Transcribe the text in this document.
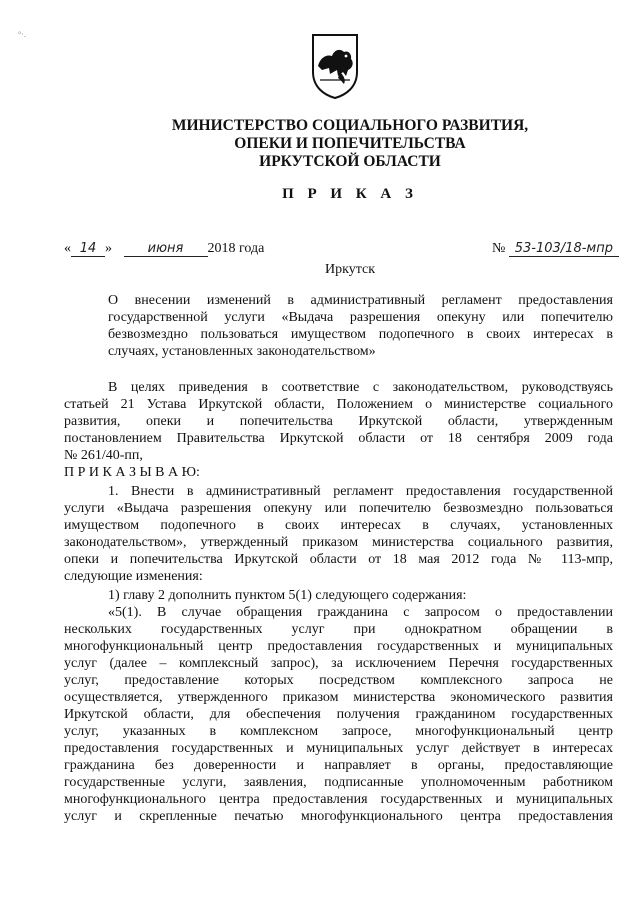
°·.
МИНИСТЕРСТВО СОЦИАЛЬНОГО РАЗВИТИЯ,
ОПЕКИ И ПОПЕЧИТЕЛЬСТВА
ИРКУТСКОЙ ОБЛАСТИ
П Р И К А З
« 14 »	июня 2018 года	№ 53-103/18-мпр
Иркутск
О внесении изменений в административный регламент предоставления
государственной услуги «Выдача разрешения опекуну или попечителю
безвозмездно пользоваться имуществом подопечного в своих интересах в
случаях, установленных законодательством»
В целях приведения в соответствие с законодательством, руководствуясь
статьей 21 Устава Иркутской области, Положением о министерстве социального
развития, опеки и попечительства Иркутской области, утвержденным
постановлением Правительства Иркутской области от 18 сентября 2009 года
№ 261/40-пп,
П Р И К А З Ы В А Ю:
1. Внести в административный регламент предоставления государственной
услуги «Выдача разрешения опекуну или попечителю безвозмездно пользоваться
имуществом подопечного в своих интересах в случаях, установленных
законодательством», утвержденный приказом министерства социального развития,
опеки и попечительства Иркутской области от 18 мая 2012 года № 113-мпр,
следующие изменения:
1) главу 2 дополнить пунктом 5(1) следующего содержания:
«5(1). В случае обращения гражданина с запросом о предоставлении
нескольких государственных услуг при однократном обращении в
многофункциональный центр предоставления государственных и муниципальных
услуг (далее – комплексный запрос), за исключением Перечня государственных
услуг, предоставление которых посредством комплексного запроса не
осуществляется, утвержденного приказом министерства экономического развития
Иркутской области, для обеспечения получения гражданином государственных
услуг, указанных в комплексном запросе, многофункциональный центр
предоставления государственных и муниципальных услуг действует в интересах
гражданина без доверенности и направляет в органы, предоставляющие
государственные услуги, заявления, подписанные уполномоченным работником
многофункционального центра предоставления государственных и муниципальных
услуг и скрепленные печатью многофункционального центра предоставления
